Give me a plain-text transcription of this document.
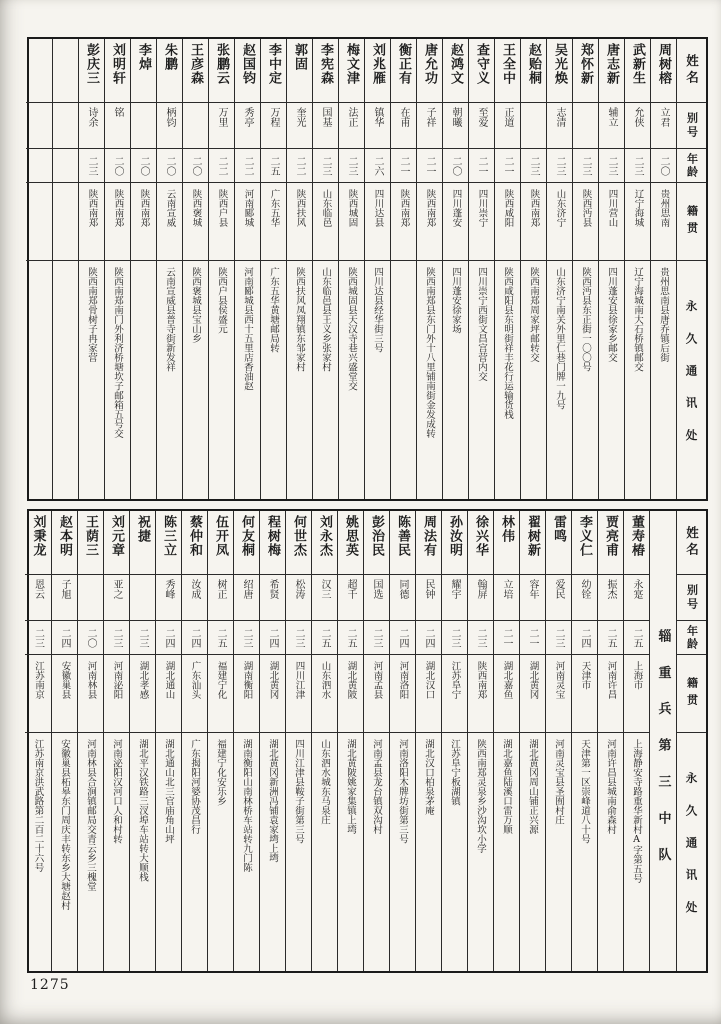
姓名
别号
年龄
籍贯
永久通讯处
周树榕
立君
二〇
贵州思南
贵州思南县唐乔镇后街
武新生
允侠
二三
辽宁海城
辽宁海城南大石桥镇邮交
唐志新
辅立
二三
四川营山
四川蓬安县徐家乡邮交
郑怀新
二三
陕西沔县
陕西沔县东正街一〇〇号
吴光焕
志清
二三
山东济宁
山东济宁南关外里仁巷门牌一九号
赵贻桐
二三
陕西南郑
陕西南郑周家坪邮转交
王全中
正道
二一
陕西咸阳
陕西咸阳县东明街祥丰花行运输货栈
查守义
至爱
二一
四川崇宁
四川崇宁西街文昌宫营内交
赵鸿文
朝曦
二〇
四川蓬安
四川蓬安徐家场
唐允功
子祥
二一
陕西南郑
陕西南郑县东门外十八里铺南街金发成转
衡正有
在甫
二一
陕西南郑
刘兆雁
镇华
二六
四川达县
四川达县经华街三号
梅文津
法正
二三
陕西城固
陕西城固县天汉寺巷兴盛堂交
李宪森
国基
二三
山东临邑
山东临邑县王义乡张家村
郭固
奎光
二二
陕西扶风
陕西扶风凤翔镇东邹家村
李中定
万程
二五
广东五华
广东五华黄塘邮局转
赵国钧
秀亭
二二
河南郾城
河南郾城县西十五里店香油赵
张鹏云
万里
二二
陕西户县
陕西户县侯盛元
王彦森
二〇
陕西褒城
陕西褒城县宝山乡
朱鹏
柄钧
二〇
云南宣威
云南宣威县普寺街新发祥
李焯
二〇
陕西南郑
刘明轩
铭
二〇
陕西南郑
陕西南郑南门外利济桥塘坎子邮箱五号交
彭庆三
诗余
二三
陕西南郑
陕西南郑骨树子冉家营
姓名
别号
年龄
籍贯
永久通讯处
辎重兵第三中队
董寿椿
永寔
二五
上海市
上海静安寺路重华新村A字第五号
贾亮甫
振杰
二五
河南许昌
河南许昌县城南俞森村
李义仁
幼铨
二四
天津市
天津第一区崇峰道八十号
雷鸣
爱民
二三
河南灵宝
河南灵宝县圣囿村庄
翟树新
容年
二一
湖北黄冈
湖北黄冈周山铺正兴源
林伟
立培
二一
湖北嘉鱼
湖北嘉鱼陆溪口雷万顺
徐兴华
翰屏
二三
陕西南郑
陕西南郑灵泉乡沙沟坎小学
孙汝明
耀宇
二三
江苏阜宁
江苏阜宁板湖镇
周法有
民钟
二四
湖北汉口
湖北汉口柏泉茅庵
陈善民
同德
二四
河南洛阳
河南洛阳木牌坊街第三号
彭治民
国选
二三
河南孟县
河南孟县龙台镇双沟村
姚思英
超千
二五
湖北黄陂
湖北黄陂姚家集镇上塆
刘永杰
汉三
二五
山东泗水
山东泗水城东马泉庄
何世杰
松涛
二三
四川江津
四川江津县鞍子街第三号
程树梅
希贤
二四
湖北黄冈
湖北黄冈新洲冯铺袁家塆上塆
何友桐
绍唐
二三
湖南衡阳
湖南衡阳山南林桥车站转九门陈
伍开凤
树正
二五
福建宁化
福建宁化安乐乡
蔡仲和
汝成
二四
广东汕头
广东揭阳河婆协茂昌行
陈三立
秀峰
二四
湖北通山
湖北通山北三官庙角山坪
祝捷
二三
湖北孝感
湖北平汉铁路三汊埠车站转大顺栈
刘元章
亚之
二三
河南泌阳
河南泌阳汉河口人和村转
王荫三
二〇
河南林县
河南林县合涧镇邮局交青云乡三槐堂
赵本明
子旭
二四
安徽巢县
安徽巢县柘皋东门周庆丰转东乡大塘赵村
刘秉龙
恩云
二三
江苏南京
江苏南京洪武路第二百二十六号
1275
